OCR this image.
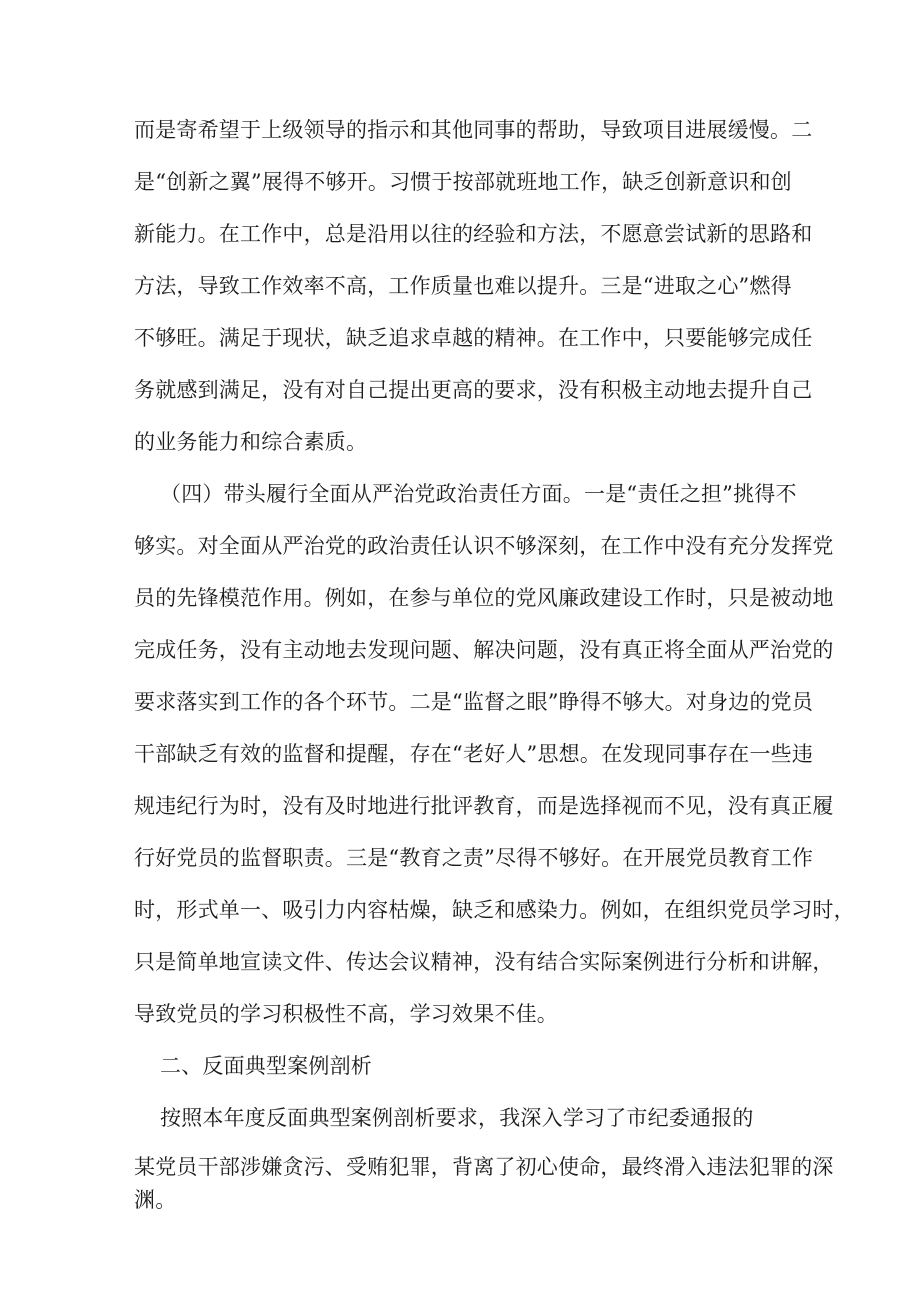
而是寄希望于上级领导的指示和其他同事的帮助，导致项目进展缓慢。二
是“创新之翼”展得不够开。习惯于按部就班地工作，缺乏创新意识和创
新能力。在工作中，总是沿用以往的经验和方法，不愿意尝试新的思路和
方法，导致工作效率不高，工作质量也难以提升。三是“进取之心”燃得
不够旺。满足于现状，缺乏追求卓越的精神。在工作中，只要能够完成任
务就感到满足，没有对自己提出更高的要求，没有积极主动地去提升自己
的业务能力和综合素质。
（四）带头履行全面从严治党政治责任方面。一是“责任之担”挑得不
够实。对全面从严治党的政治责任认识不够深刻，在工作中没有充分发挥党
员的先锋模范作用。例如，在参与单位的党风廉政建设工作时，只是被动地
完成任务，没有主动地去发现问题、解决问题，没有真正将全面从严治党的
要求落实到工作的各个环节。二是“监督之眼”睁得不够大。对身边的党员
干部缺乏有效的监督和提醒，存在“老好人”思想。在发现同事存在一些违
规违纪行为时，没有及时地进行批评教育，而是选择视而不见，没有真正履
行好党员的监督职责。三是“教育之责”尽得不够好。在开展党员教育工作
时，形式单一、吸引力内容枯燥，缺乏和感染力。例如，在组织党员学习时，
只是简单地宣读文件、传达会议精神，没有结合实际案例进行分析和讲解，
导致党员的学习积极性不高，学习效果不佳。
二、反面典型案例剖析
按照本年度反面典型案例剖析要求，我深入学习了市纪委通报的
某党员干部涉嫌贪污、受贿犯罪，背离了初心使命，最终滑入违法犯罪的深
渊。
